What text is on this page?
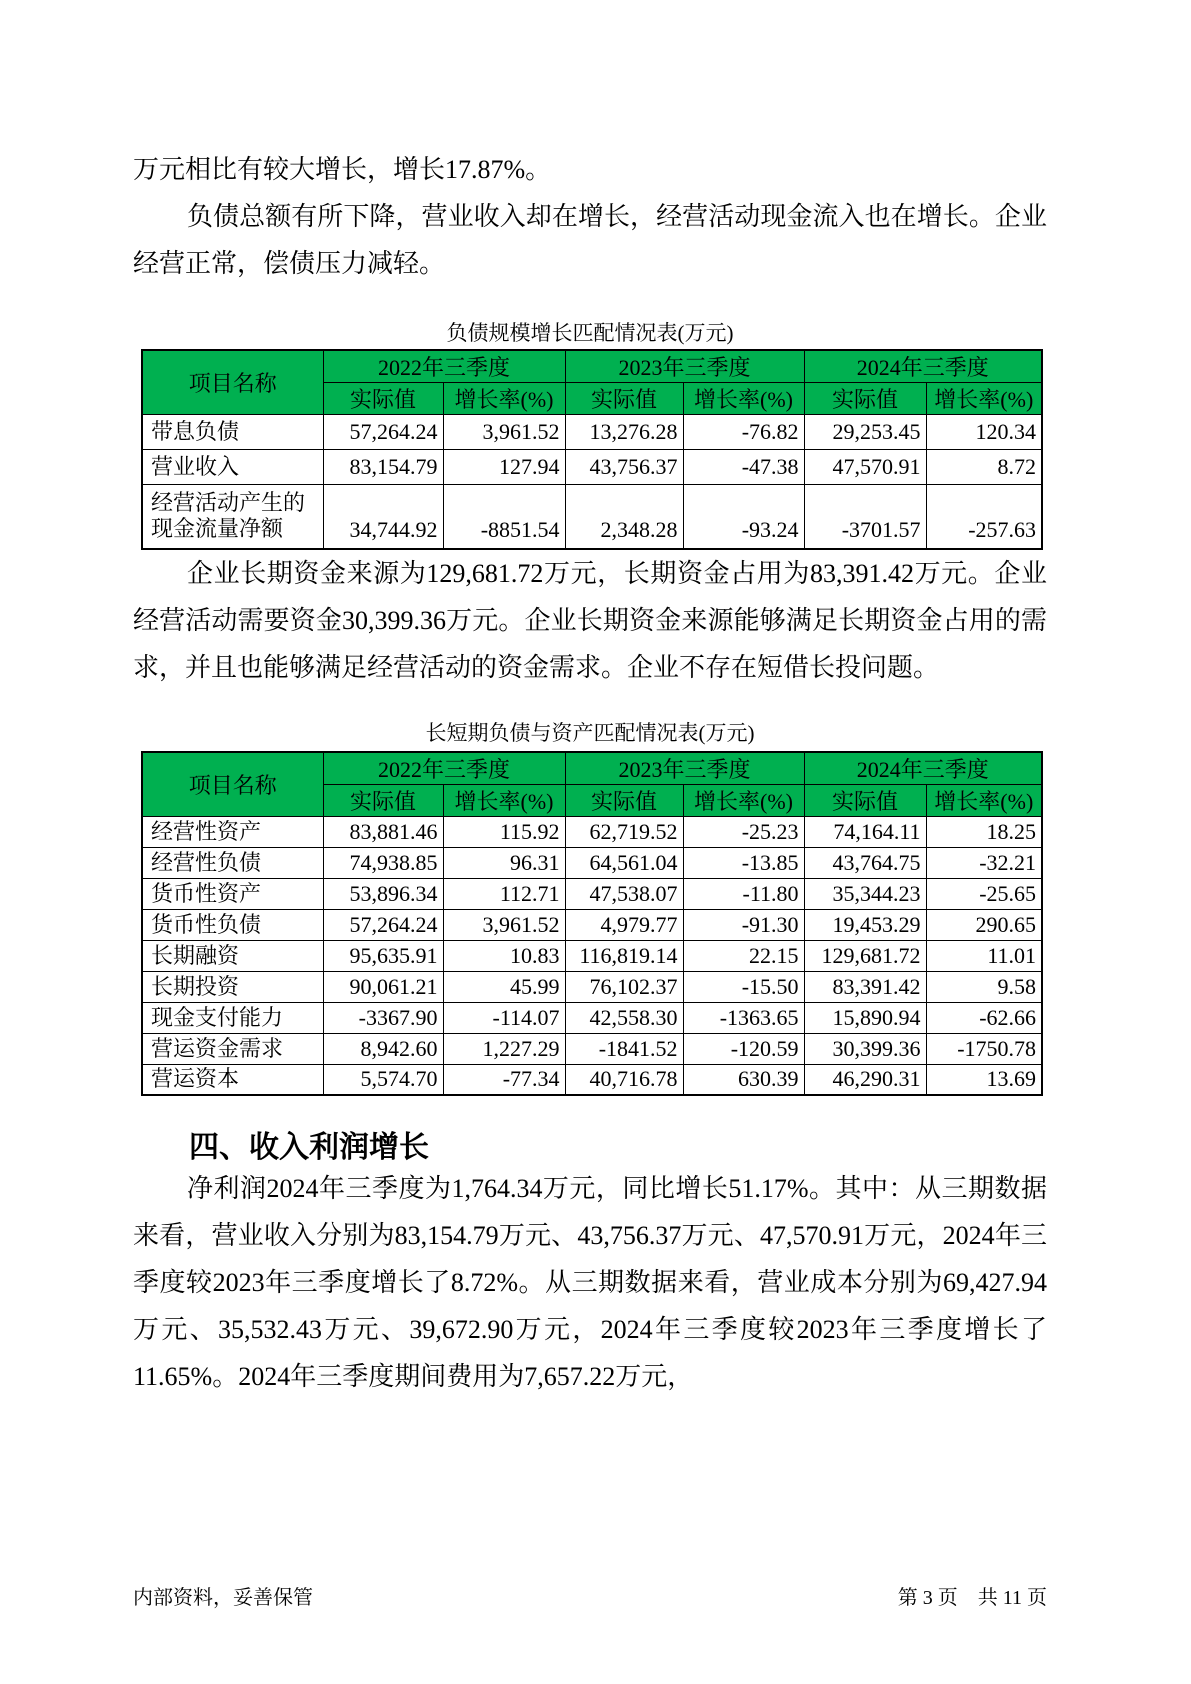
万元相比有较大增长，增长17.87%。

负债总额有所下降，营业收入却在增长，经营活动现金流入也在增长。企业经营正常，偿债压力减轻。

负债规模增长匹配情况表(万元)

项目名称	2022年三季度		2023年三季度		2024年三季度	
	实际值	增长率(%)	实际值	增长率(%)	实际值	增长率(%)
带息负债	57,264.24	3,961.52	13,276.28	-76.82	29,253.45	120.34
营业收入	83,154.79	127.94	43,756.37	-47.38	47,570.91	8.72
经营活动产生的现金流量净额	34,744.92	-8851.54	2,348.28	-93.24	-3701.57	-257.63

企业长期资金来源为129,681.72万元，长期资金占用为83,391.42万元。企业经营活动需要资金30,399.36万元。企业长期资金来源能够满足长期资金占用的需求，并且也能够满足经营活动的资金需求。企业不存在短借长投问题。

长短期负债与资产匹配情况表(万元)

项目名称	2022年三季度		2023年三季度		2024年三季度	
	实际值	增长率(%)	实际值	增长率(%)	实际值	增长率(%)
经营性资产	83,881.46	115.92	62,719.52	-25.23	74,164.11	18.25
经营性负债	74,938.85	96.31	64,561.04	-13.85	43,764.75	-32.21
货币性资产	53,896.34	112.71	47,538.07	-11.80	35,344.23	-25.65
货币性负债	57,264.24	3,961.52	4,979.77	-91.30	19,453.29	290.65
长期融资	95,635.91	10.83	116,819.14	22.15	129,681.72	11.01
长期投资	90,061.21	45.99	76,102.37	-15.50	83,391.42	9.58
现金支付能力	-3367.90	-114.07	42,558.30	-1363.65	15,890.94	-62.66
营运资金需求	8,942.60	1,227.29	-1841.52	-120.59	30,399.36	-1750.78
营运资本	5,574.70	-77.34	40,716.78	630.39	46,290.31	13.69
四、收入利润增长

净利润2024年三季度为1,764.34万元，同比增长51.17%。其中：从三期数据来看，营业收入分别为83,154.79万元、43,756.37万元、47,570.91万元，2024年三季度较2023年三季度增长了8.72%。从三期数据来看，营业成本分别为69,427.94万元、35,532.43万元、39,672.90万元，2024年三季度较2023年三季度增长了11.65%。2024年三季度期间费用为7,657.22万元，

内部资料，妥善保管	第 3 页　共 11 页
